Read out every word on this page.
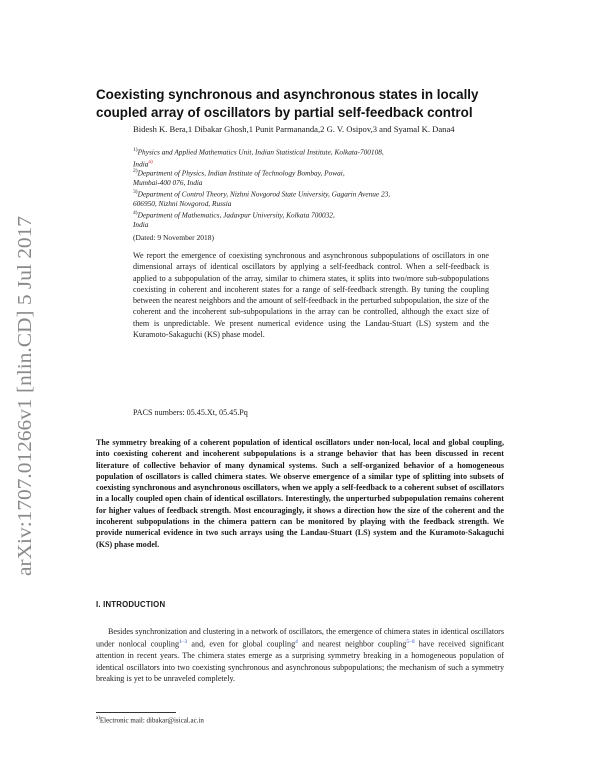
arXiv:1707.01266v1 [nlin.CD] 5 Jul 2017
Coexisting synchronous and asynchronous states in locally coupled array of oscillators by partial self-feedback control

Bidesh K. Bera,1 Dibakar Ghosh,1 Punit Parmananda,2 G. V. Osipov,3 and Syamal K. Dana4

$^{1)}$Physics and Applied Mathematics Unit, Indian Statistical Institute, Kolkata-700108,
India$^{a)}$

$^{2)}$Department of Physics, Indian Institute of Technology Bombay, Powai,
Mumbai-400 076, India

$^{3)}$Department of Control Theory, Nizhni Novgorod State University, Gagarin Avenue 23,
606950, Nizhni Novgorod, Russia

$^{4)}$Department of Mathematics, Jadavpur University, Kolkata 700032,
India

(Dated: 9 November 2018)

We report the emergence of coexisting synchronous and asynchronous subpopulations of oscillators in one dimensional arrays of identical oscillators by applying a self-feedback control. When a self-feedback is applied to a subpopulation of the array, similar to chimera states, it splits into two/more sub-subpopulations coexisting in coherent and incoherent states for a range of self-feedback strength. By tuning the coupling between the nearest neighbors and the amount of self-feedback in the perturbed subpopulation, the size of the coherent and the incoherent sub-subpopulations in the array can be controlled, although the exact size of them is unpredictable. We present numerical evidence using the Landau-Stuart (LS) system and the Kuramoto-Sakaguchi (KS) phase model.

PACS numbers: 05.45.Xt, 05.45.Pq

The symmetry breaking of a coherent population of identical oscillators under non-local, local and global coupling, into coexisting coherent and incoherent subpopulations is a strange behavior that has been discussed in recent literature of collective behavior of many dynamical systems. Such a self-organized behavior of a homogeneous population of oscillators is called chimera states. We observe emergence of a similar type of splitting into subsets of coexisting synchronous and asynchronous oscillators, when we apply a self-feedback to a coherent subset of oscillators in a locally coupled open chain of identical oscillators. Interestingly, the unperturbed subpopulation remains coherent for higher values of feedback strength. Most encouragingly, it shows a direction how the size of the coherent and the incoherent subpopulations in the chimera pattern can be monitored by playing with the feedback strength. We provide numerical evidence in two such arrays using the Landau-Stuart (LS) system and the Kuramoto-Sakaguchi (KS) phase model.

I. INTRODUCTION

Besides synchronization and clustering in a network of oscillators, the emergence of chimera states in identical oscillators under nonlocal coupling$^{1-3}$ and, even for global coupling$^4$ and nearest neighbor coupling$^{5-8}$ have received significant attention in recent years. The chimera states emerge as a surprising symmetry breaking in a homogeneous population of identical oscillators into two coexisting synchronous and asynchronous subpopulations; the mechanism of such a symmetry breaking is yet to be unraveled completely.

$^{a)}$Electronic mail: dibakar@isical.ac.in
